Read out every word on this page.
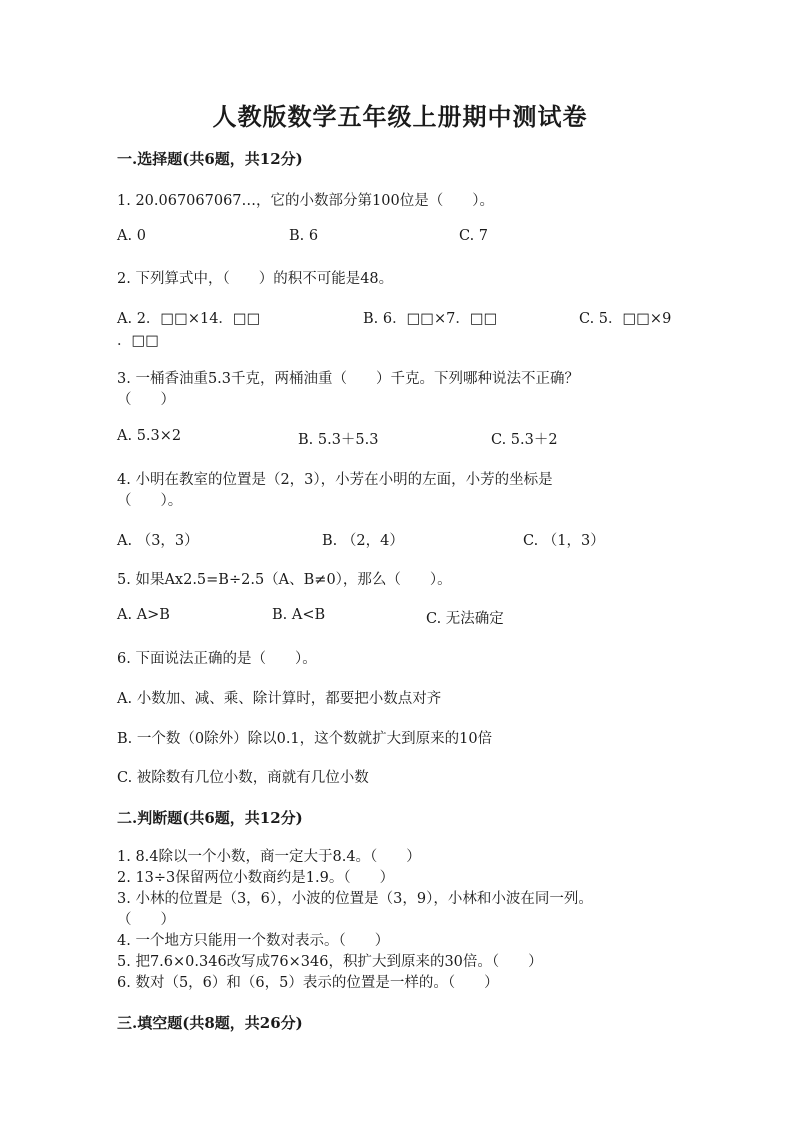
人教版数学五年级上册期中测试卷
一.选择题(共6题，共12分)
1. 20.067067067…，它的小数部分第100位是（　　）。
A. 0	B. 6	C. 7
2. 下列算式中，（　　）的积不可能是48。
A. 2．□□×14．□□	B. 6．□□×7．□□	C. 5．□□×9
．□□
3. 一桶香油重5.3千克，两桶油重（　　）千克。下列哪种说法不正确？
（　　）
A. 5.3×2	B. 5.3＋5.3	C. 5.3＋2
4. 小明在教室的位置是（2，3），小芳在小明的左面，小芳的坐标是
（　　）。
A. （3，3）	B. （2，4）	C. （1，3）
5. 如果Ax2.5=B÷2.5（A、B≠0），那么（　　）。
A. A>B	B. A<B	C. 无法确定
6. 下面说法正确的是（　　）。
A. 小数加、减、乘、除计算时，都要把小数点对齐
B. 一个数（0除外）除以0.1，这个数就扩大到原来的10倍
C. 被除数有几位小数，商就有几位小数
二.判断题(共6题，共12分)
1. 8.4除以一个小数，商一定大于8.4。（　　）
2. 13÷3保留两位小数商约是1.9。（　　）
3. 小林的位置是（3，6），小波的位置是（3，9），小林和小波在同一列。
（　　）
4. 一个地方只能用一个数对表示。（　　）
5. 把7.6×0.346改写成76×346，积扩大到原来的30倍。（　　）
6. 数对（5，6）和（6，5）表示的位置是一样的。（　　）
三.填空题(共8题，共26分)
